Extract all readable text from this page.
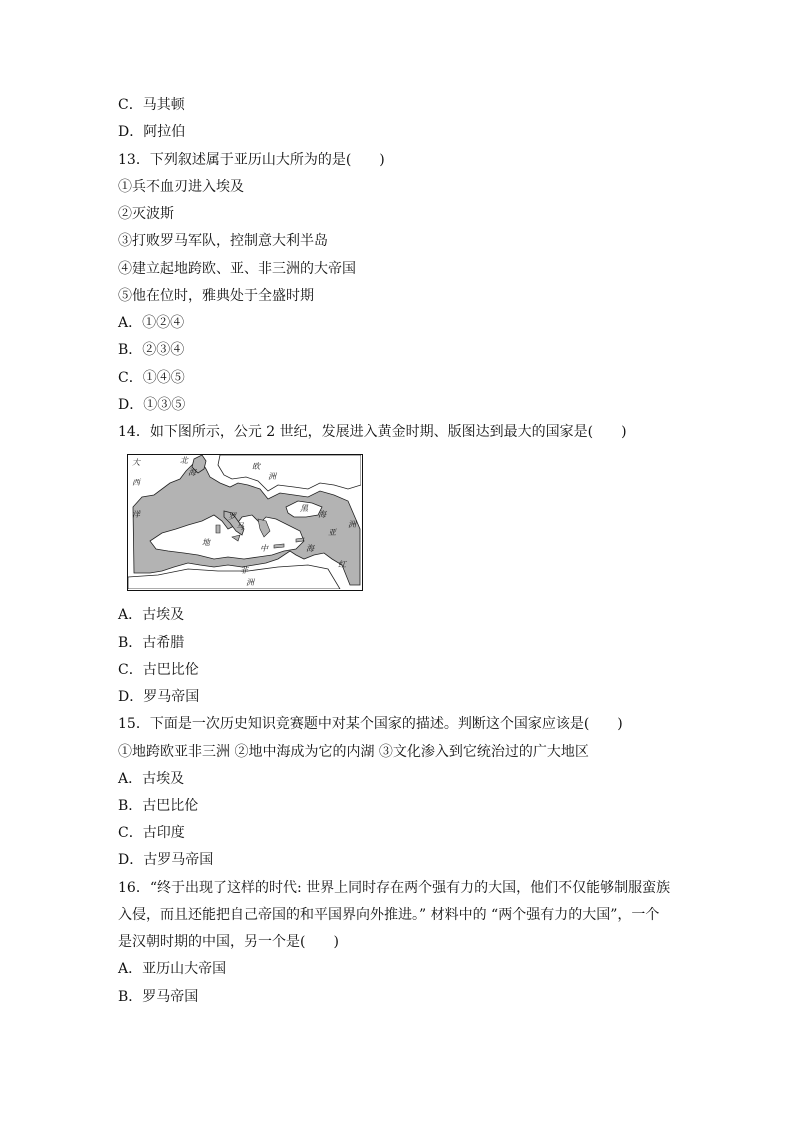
C．马其顿
D．阿拉伯
13．下列叙述属于亚历山大所为的是(　　)
①兵不血刃进入埃及
②灭波斯
③打败罗马军队，控制意大利半岛
④建立起地跨欧、亚、非三洲的大帝国
⑤他在位时，雅典处于全盛时期
A．①②④
B．②③④
C．①④⑤
D．①③⑤
14．如下图所示，公元 2 世纪，发展进入黄金时期、版图达到最大的国家是(　　)
大
西
洋
北
海
欧
洲
黑
海
亚
洲
罗
马
地
中	海
非
洲
红
A．古埃及
B．古希腊
C．古巴比伦
D．罗马帝国
15．下面是一次历史知识竞赛题中对某个国家的描述。判断这个国家应该是(　　)
①地跨欧亚非三洲 ②地中海成为它的内湖 ③文化渗入到它统治过的广大地区
A．古埃及
B．古巴比伦
C．古印度
D．古罗马帝国
16．“终于出现了这样的时代: 世界上同时存在两个强有力的大国，他们不仅能够制服蛮族
入侵，而且还能把自己帝国的和平国界向外推进。” 材料中的 “两个强有力的大国”，一个
是汉朝时期的中国，另一个是(　　)
A．亚历山大帝国
B．罗马帝国
